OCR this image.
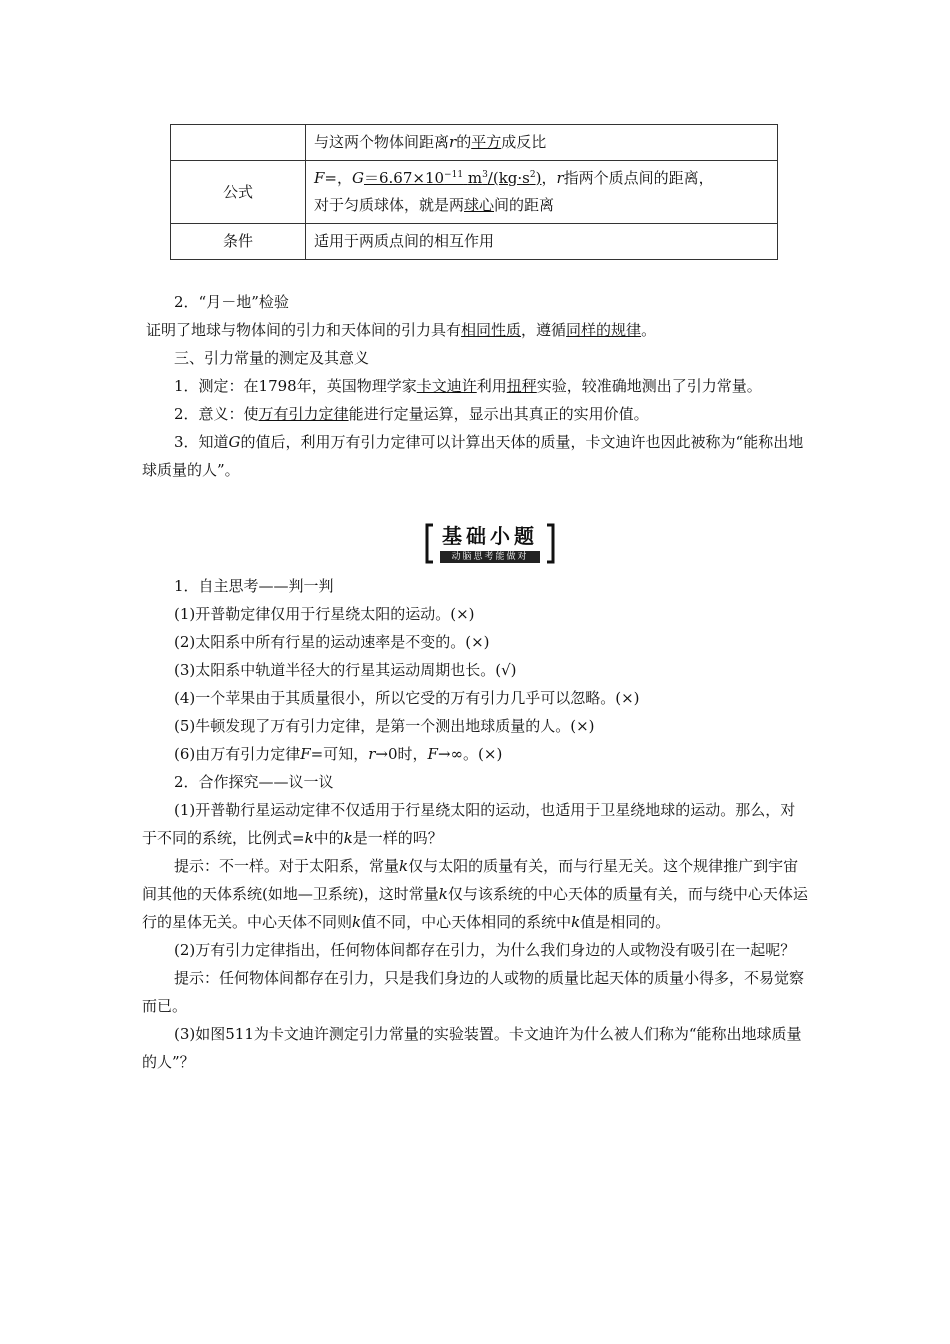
	与这两个物体间距离r的平方成反比
公式	F=，$G=6.67\times 10^{-11}$ $m^3/(kg\cdot s^2)$，r指两个质点间的距离，
对于匀质球体，就是两球心间的距离
条件	适用于两质点间的相互作用

2．“月－地”检验

证明了地球与物体间的引力和天体间的引力具有相同性质，遵循同样的规律。

三、引力常量的测定及其意义

1．测定：在1798年，英国物理学家卡文迪许利用扭秤实验，较准确地测出了引力常量。

2．意义：使万有引力定律能进行定量运算，显示出其真正的实用价值。

3．知道G的值后，利用万有引力定律可以计算出天体的质量，卡文迪许也因此被称为“能称出地球质量的人”。

基础小题
动脑思考能做对

1．自主思考——判一判

(1)开普勒定律仅用于行星绕太阳的运动。(×)

(2)太阳系中所有行星的运动速率是不变的。(×)

(3)太阳系中轨道半径大的行星其运动周期也长。(√)

(4)一个苹果由于其质量很小，所以它受的万有引力几乎可以忽略。(×)

(5)牛顿发现了万有引力定律，是第一个测出地球质量的人。(×)

(6)由万有引力定律F=可知，r→0时，F→∞。(×)

2．合作探究——议一议

(1)开普勒行星运动定律不仅适用于行星绕太阳的运动，也适用于卫星绕地球的运动。那么，对于不同的系统，比例式=k中的k是一样的吗？

提示：不一样。对于太阳系，常量k仅与太阳的质量有关，而与行星无关。这个规律推广到宇宙间其他的天体系统(如地—卫系统)，这时常量k仅与该系统的中心天体的质量有关，而与绕中心天体运行的星体无关。中心天体不同则k值不同，中心天体相同的系统中k值是相同的。

(2)万有引力定律指出，任何物体间都存在引力，为什么我们身边的人或物没有吸引在一起呢？

提示：任何物体间都存在引力，只是我们身边的人或物的质量比起天体的质量小得多，不易觉察而已。

(3)如图511为卡文迪许测定引力常量的实验装置。卡文迪许为什么被人们称为“能称出地球质量的人”？
